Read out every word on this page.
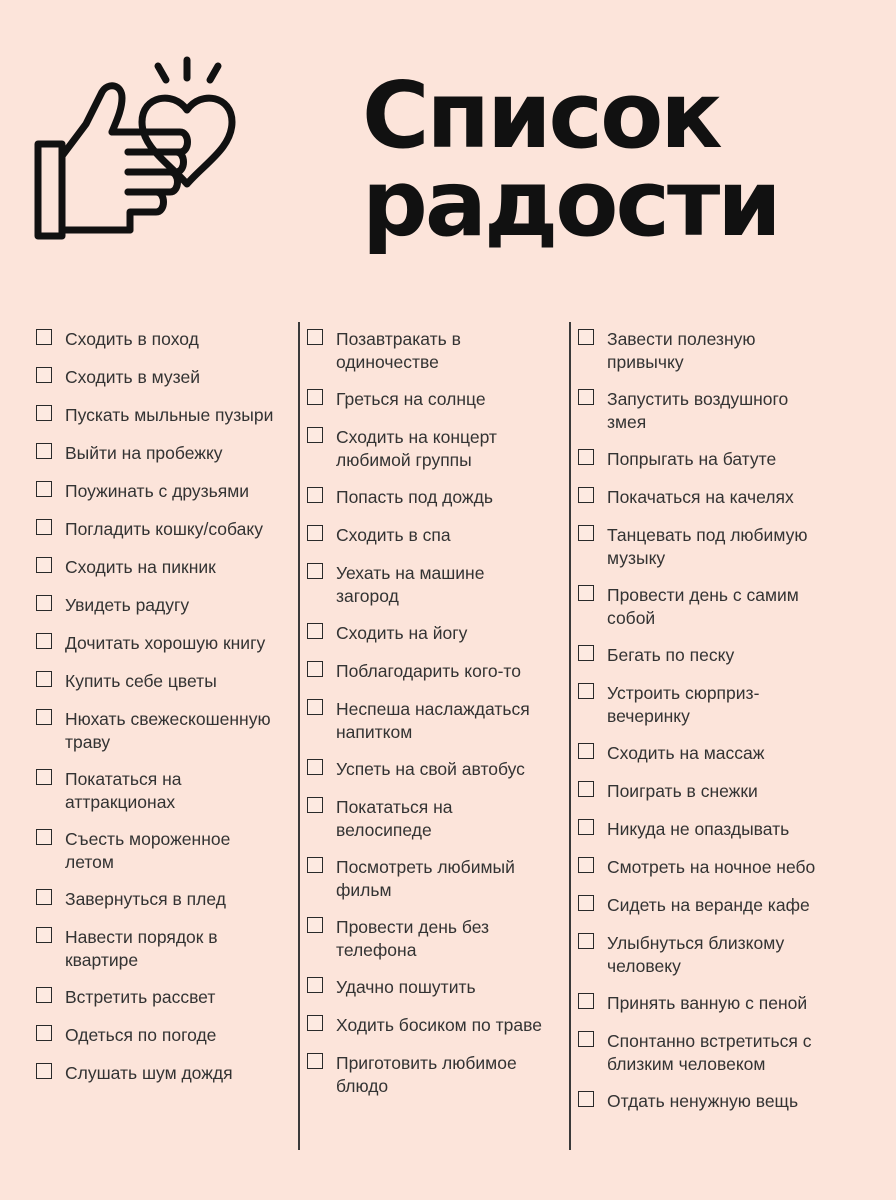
Список
радости
Сходить в поход
Сходить в музей
Пускать мыльные пузыри
Выйти на пробежку
Поужинать с друзьями
Погладить кошку/собаку
Сходить на пикник
Увидеть радугу
Дочитать хорошую книгу
Купить себе цветы
Нюхать свежескошенную
траву
Покататься на
аттракционах
Съесть мороженное
летом
Завернуться в плед
Навести порядок в
квартире
Встретить рассвет
Одеться по погоде
Слушать шум дождя
Позавтракать в
одиночестве
Греться на солнце
Сходить на концерт
любимой группы
Попасть под дождь
Сходить в спа
Уехать на машине
загород
Сходить на йогу
Поблагодарить кого-то
Неспеша наслаждаться
напитком
Успеть на свой автобус
Покататься на
велосипеде
Посмотреть любимый
фильм
Провести день без
телефона
Удачно пошутить
Ходить босиком по траве
Приготовить любимое
блюдо
Завести полезную
привычку
Запустить воздушного
змея
Попрыгать на батуте
Покачаться на качелях
Танцевать под любимую
музыку
Провести день с самим
собой
Бегать по песку
Устроить сюрприз-
вечеринку
Сходить на массаж
Поиграть в снежки
Никуда не опаздывать
Смотреть на ночное небо
Сидеть на веранде кафе
Улыбнуться близкому
человеку
Принять ванную с пеной
Спонтанно встретиться с
близким человеком
Отдать ненужную вещь
